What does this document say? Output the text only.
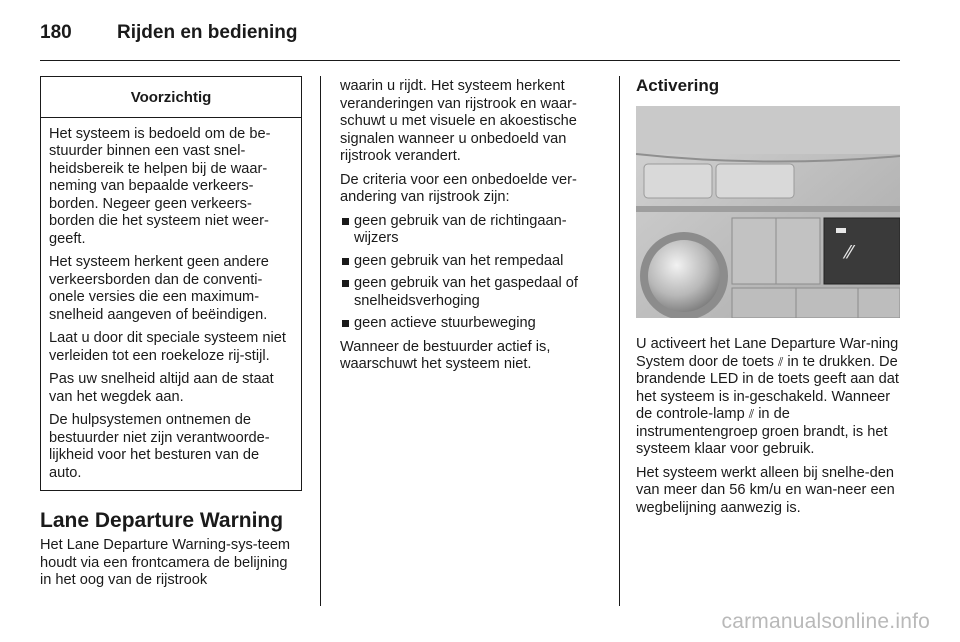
180 Rijden en bediening
Voorzichtig

Het systeem is bedoeld om de be-stuurder binnen een vast snel-heidsbereik te helpen bij de waar-neming van bepaalde verkeers-borden. Negeer geen verkeers-borden die het systeem niet weer-geeft.

Het systeem herkent geen andere verkeersborden dan de conventi-onele versies die een maximum-snelheid aangeven of beëindigen.

Laat u door dit speciale systeem niet verleiden tot een roekeloze rij-stijl.

Pas uw snelheid altijd aan de staat van het wegdek aan.

De hulpsystemen ontnemen de bestuurder niet zijn verantwoorde-lijkheid voor het besturen van de auto.

Lane Departure Warning

Het Lane Departure Warning-sys-teem houdt via een frontcamera de belijning in het oog van de rijstrook

waarin u rijdt. Het systeem herkent veranderingen van rijstrook en waar-schuwt u met visuele en akoestische signalen wanneer u onbedoeld van rijstrook verandert.

De criteria voor een onbedoelde ver-andering van rijstrook zijn:

geen gebruik van de richtingaan-wijzers
geen gebruik van het rempedaal
geen gebruik van het gaspedaal of snelheidsverhoging
geen actieve stuurbeweging

Wanneer de bestuurder actief is, waarschuwt het systeem niet.

Activering
⁄⁄

U activeert het Lane Departure War-ning System door de toets ⫽ in te drukken. De brandende LED in de toets geeft aan dat het systeem is in-geschakeld. Wanneer de controle-lamp ⫽ in de instrumentengroep groen brandt, is het systeem klaar voor gebruik.

Het systeem werkt alleen bij snelhe-den van meer dan 56 km/u en wan-neer een wegbelijning aanwezig is.

carmanualsonline.info
